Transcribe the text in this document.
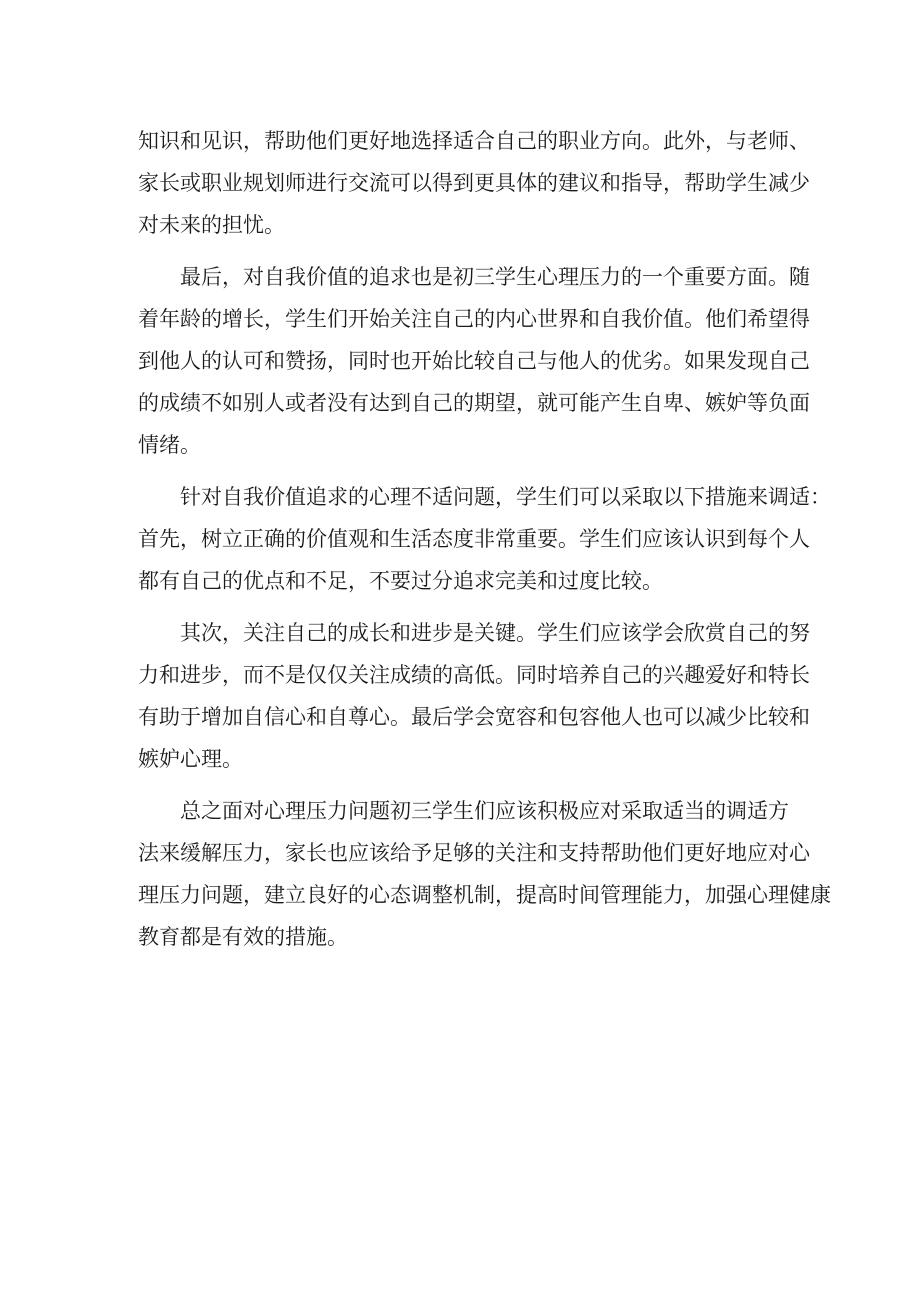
知识和见识，帮助他们更好地选择适合自己的职业方向。此外，与老师、
家长或职业规划师进行交流可以得到更具体的建议和指导，帮助学生减少
对未来的担忧。
最后，对自我价值的追求也是初三学生心理压力的一个重要方面。随
着年龄的增长，学生们开始关注自己的内心世界和自我价值。他们希望得
到他人的认可和赞扬，同时也开始比较自己与他人的优劣。如果发现自己
的成绩不如别人或者没有达到自己的期望，就可能产生自卑、嫉妒等负面
情绪。
针对自我价值追求的心理不适问题，学生们可以采取以下措施来调适：
首先，树立正确的价值观和生活态度非常重要。学生们应该认识到每个人
都有自己的优点和不足，不要过分追求完美和过度比较。
其次，关注自己的成长和进步是关键。学生们应该学会欣赏自己的努
力和进步，而不是仅仅关注成绩的高低。同时培养自己的兴趣爱好和特长
有助于增加自信心和自尊心。最后学会宽容和包容他人也可以减少比较和
嫉妒心理。
总之面对心理压力问题初三学生们应该积极应对采取适当的调适方
法来缓解压力，家长也应该给予足够的关注和支持帮助他们更好地应对心
理压力问题，建立良好的心态调整机制，提高时间管理能力，加强心理健康
教育都是有效的措施。
